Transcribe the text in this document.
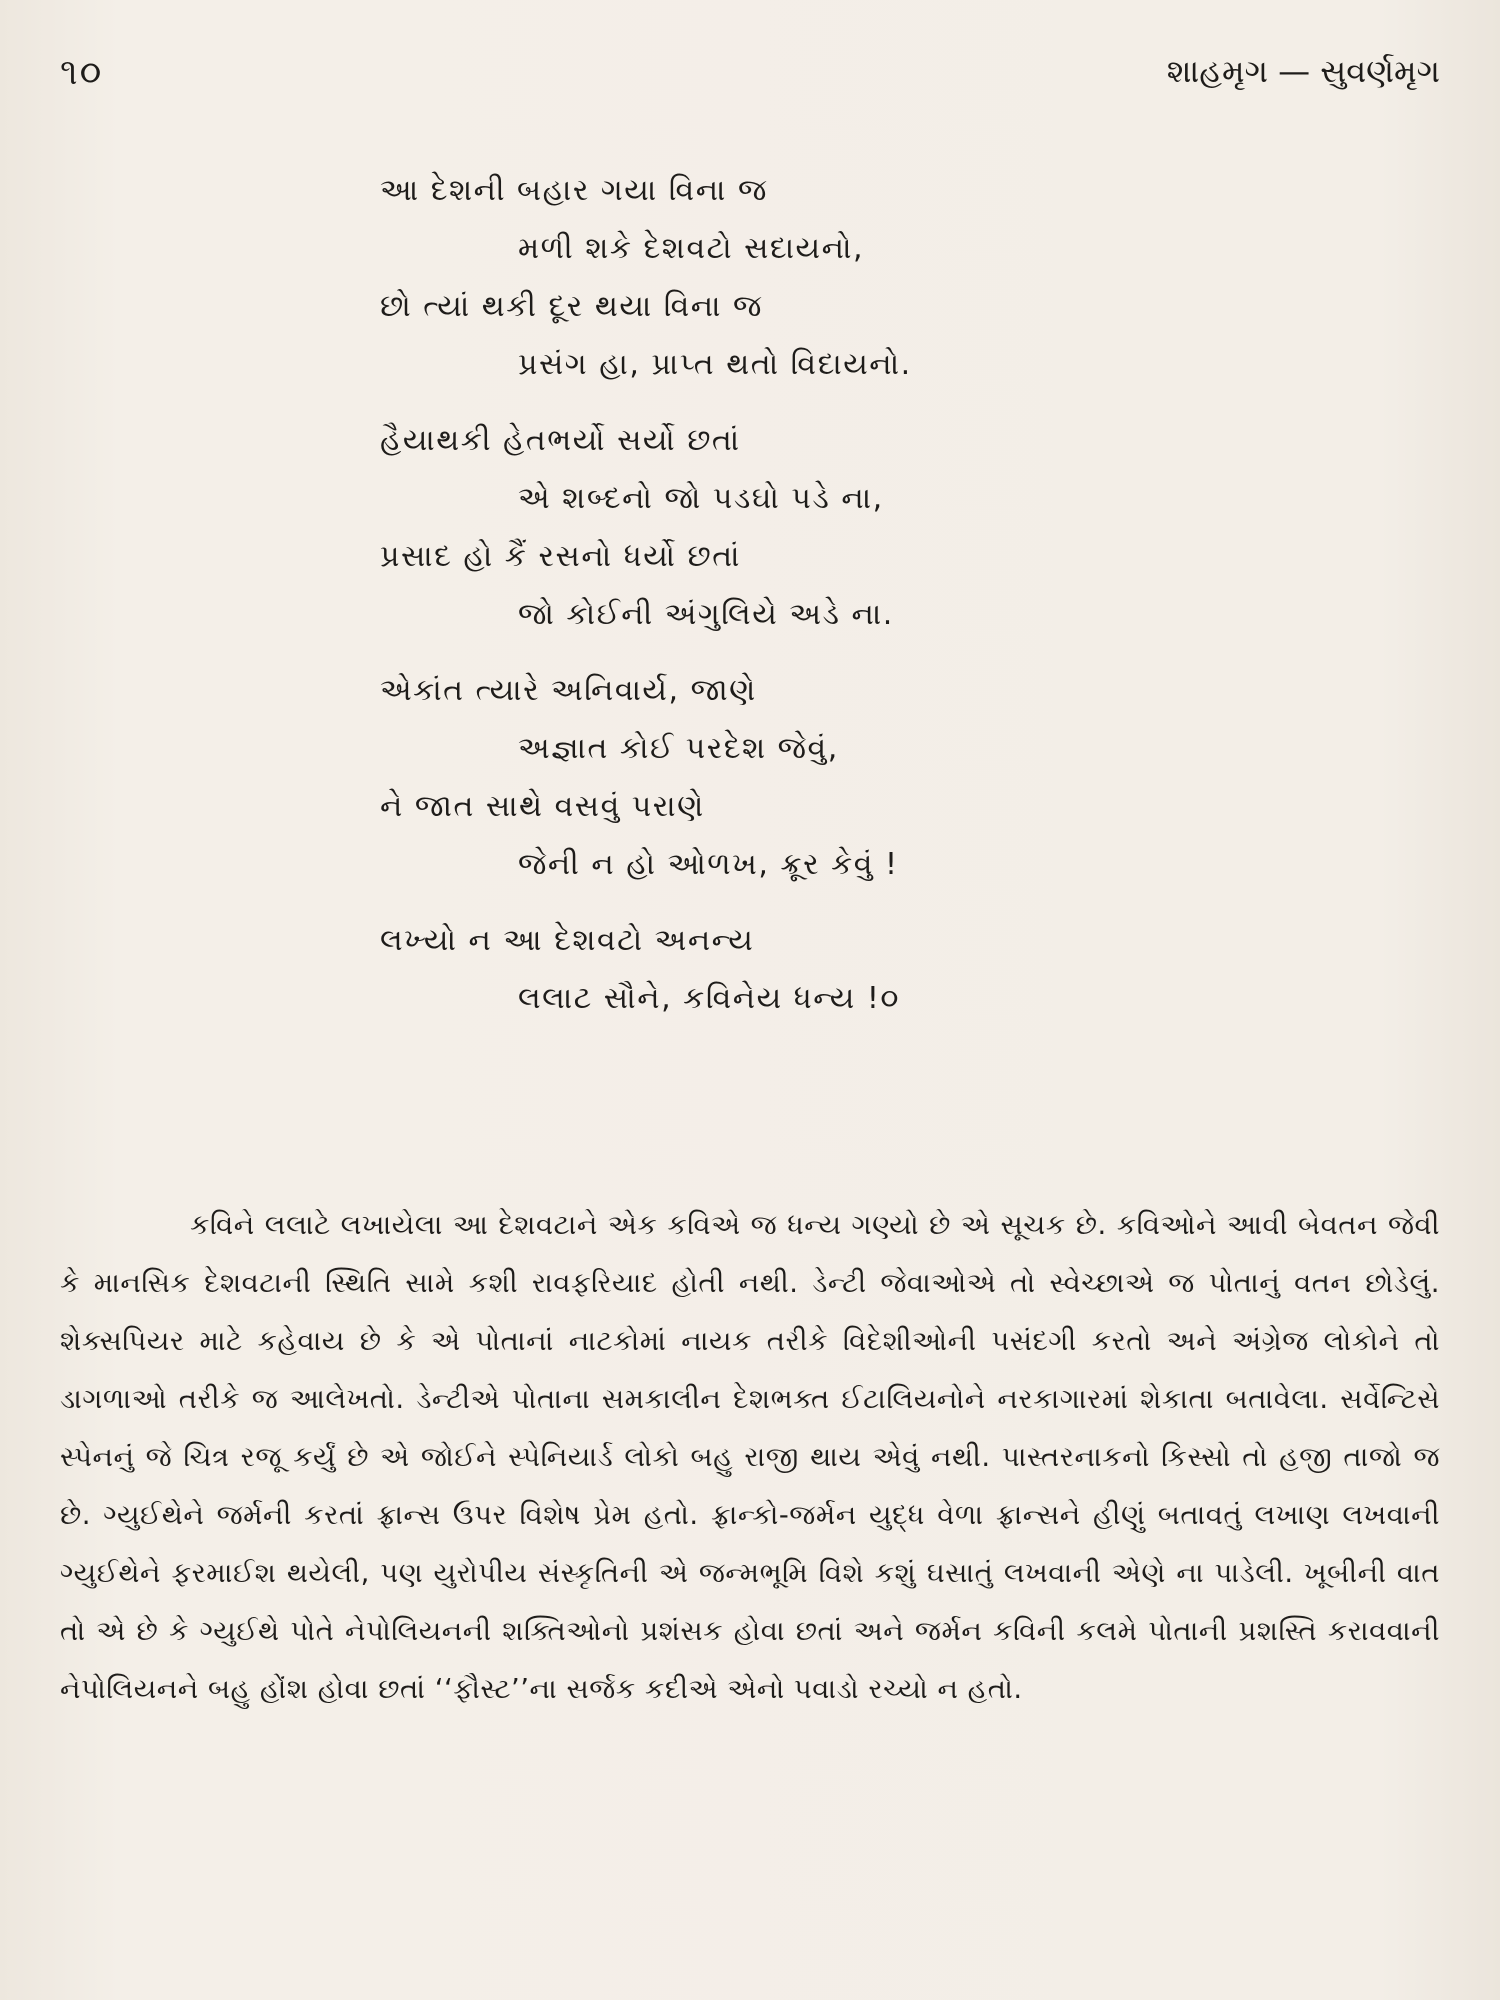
૧૦	શાહમૃગ — સુવર્ણમૃગ
આ દેશની બહાર ગયા વિના જ
મળી શકે દેશવટો સદાયનો,
છો ત્યાં થકી દૂર થયા વિના જ
પ્રસંગ હા, પ્રાપ્ત થતો વિદાયનો.
હૈયાથકી હેતભર્યો સર્યો છતાં
એ શબ્દનો જો પડઘો પડે ના,
પ્રસાદ હો કૈં રસનો ધર્યો છતાં
જો કોઈની અંગુલિયે અડે ના.
એકાંત ત્યારે અનિવાર્ય, જાણે
અજ્ઞાત કોઈ પરદેશ જેવું,
ને જાત સાથે વસવું પરાણે
જેની ન હો ઓળખ, ક્રૂર કેવું !
લખ્યો ન આ દેશવટો અનન્ય
લલાટ સૌને, કવિનેય ધન્ય !૦

કવિને લલાટે લખાયેલા આ દેશવટાને એક કવિએ જ ધન્ય ગણ્યો છે એ સૂચક છે. કવિઓને આવી બેવતન જેવી કે માનસિક દેશવટાની સ્થિતિ સામે કશી રાવફરિયાદ હોતી નથી. ડેન્ટી જેવાઓએ તો સ્વેચ્છાએ જ પોતાનું વતન છોડેલું. શેક્સપિયર માટે કહેવાય છે કે એ પોતાનાં નાટકોમાં નાયક તરીકે વિદેશીઓની પસંદગી કરતો અને અંગ્રેજ લોકોને તો ડાગળાઓ તરીકે જ આલેખતો. ડેન્ટીએ પોતાના સમકાલીન દેશભક્ત ઈટાલિયનોને નરકાગારમાં શેકાતા બતાવેલા. સર્વેન્ટિસે સ્પેનનું જે ચિત્ર રજૂ કર્યું છે એ જોઈને સ્પેનિયાર્ડ લોકો બહુ રાજી થાય એવું નથી. પાસ્તરનાકનો કિસ્સો તો હજી તાજો જ છે. ગ્યુઈથેને જર્મની કરતાં ફ્રાન્સ ઉપર વિશેષ પ્રેમ હતો. ફ્રાન્કો-જર્મન યુદ્ધ વેળા ફ્રાન્સને હીણું બતાવતું લખાણ લખવાની ગ્યુઈથેને ફરમાઈશ થયેલી, પણ યુરોપીય સંસ્કૃતિની એ જન્મભૂમિ વિશે કશું ઘસાતું લખવાની એણે ના પાડેલી. ખૂબીની વાત તો એ છે કે ગ્યુઈથે પોતે નેપોલિયનની શક્તિઓનો પ્રશંસક હોવા છતાં અને જર્મન કવિની કલમે પોતાની પ્રશસ્તિ કરાવવાની નેપોલિયનને બહુ હોંશ હોવા છતાં ‘‘ફૌસ્ટ’’ના સર્જક કદીએ એનો પવાડો રચ્યો ન હતો.
